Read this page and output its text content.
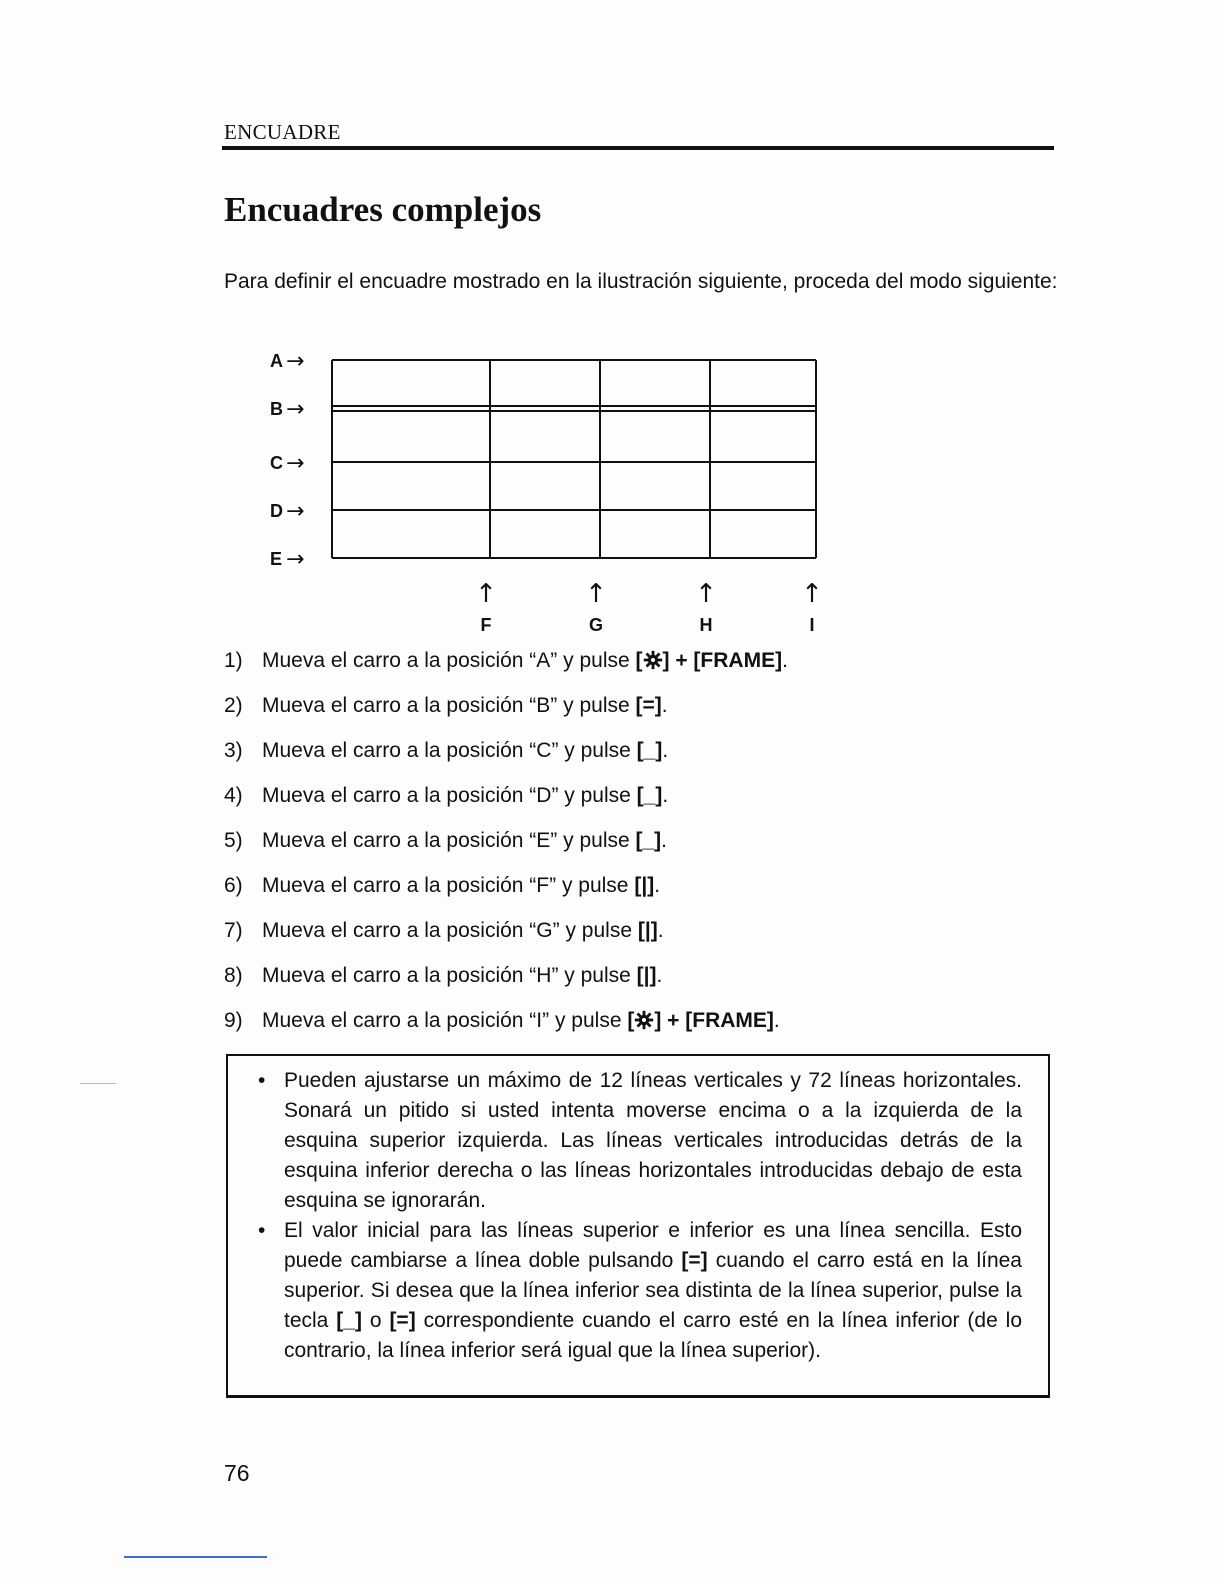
ENCUADRE
Encuadres complejos

Para definir el encuadre mostrado en la ilustración siguiente, proceda del modo siguiente:

A →
B →
C →
D →
E →
↑
F
↑
G
↑
H
↑
I
1) Mueva el carro a la posición “A” y pulse [ ] + [FRAME].
2) Mueva el carro a la posición “B” y pulse [=].
3) Mueva el carro a la posición “C” y pulse [_].
4) Mueva el carro a la posición “D” y pulse [_].
5) Mueva el carro a la posición “E” y pulse [_].
6) Mueva el carro a la posición “F” y pulse [|].
7) Mueva el carro a la posición “G” y pulse [|].
8) Mueva el carro a la posición “H” y pulse [|].
9) Mueva el carro a la posición “I” y pulse [ ] + [FRAME].
• Pueden ajustarse un máximo de 12 líneas verticales y 72 líneas horizontales. Sonará un pitido si usted intenta moverse encima o a la izquierda de la esquina superior izquierda. Las líneas verticales introducidas detrás de la esquina inferior derecha o las líneas horizontales introducidas debajo de esta esquina se ignorarán.
• El valor inicial para las líneas superior e inferior es una línea sencilla. Esto puede cambiarse a línea doble pulsando [=] cuando el carro está en la línea superior. Si desea que la línea inferior sea distinta de la línea superior, pulse la tecla [_] o [=] correspondiente cuando el carro esté en la línea inferior (de lo contrario, la línea inferior será igual que la línea superior).
76
